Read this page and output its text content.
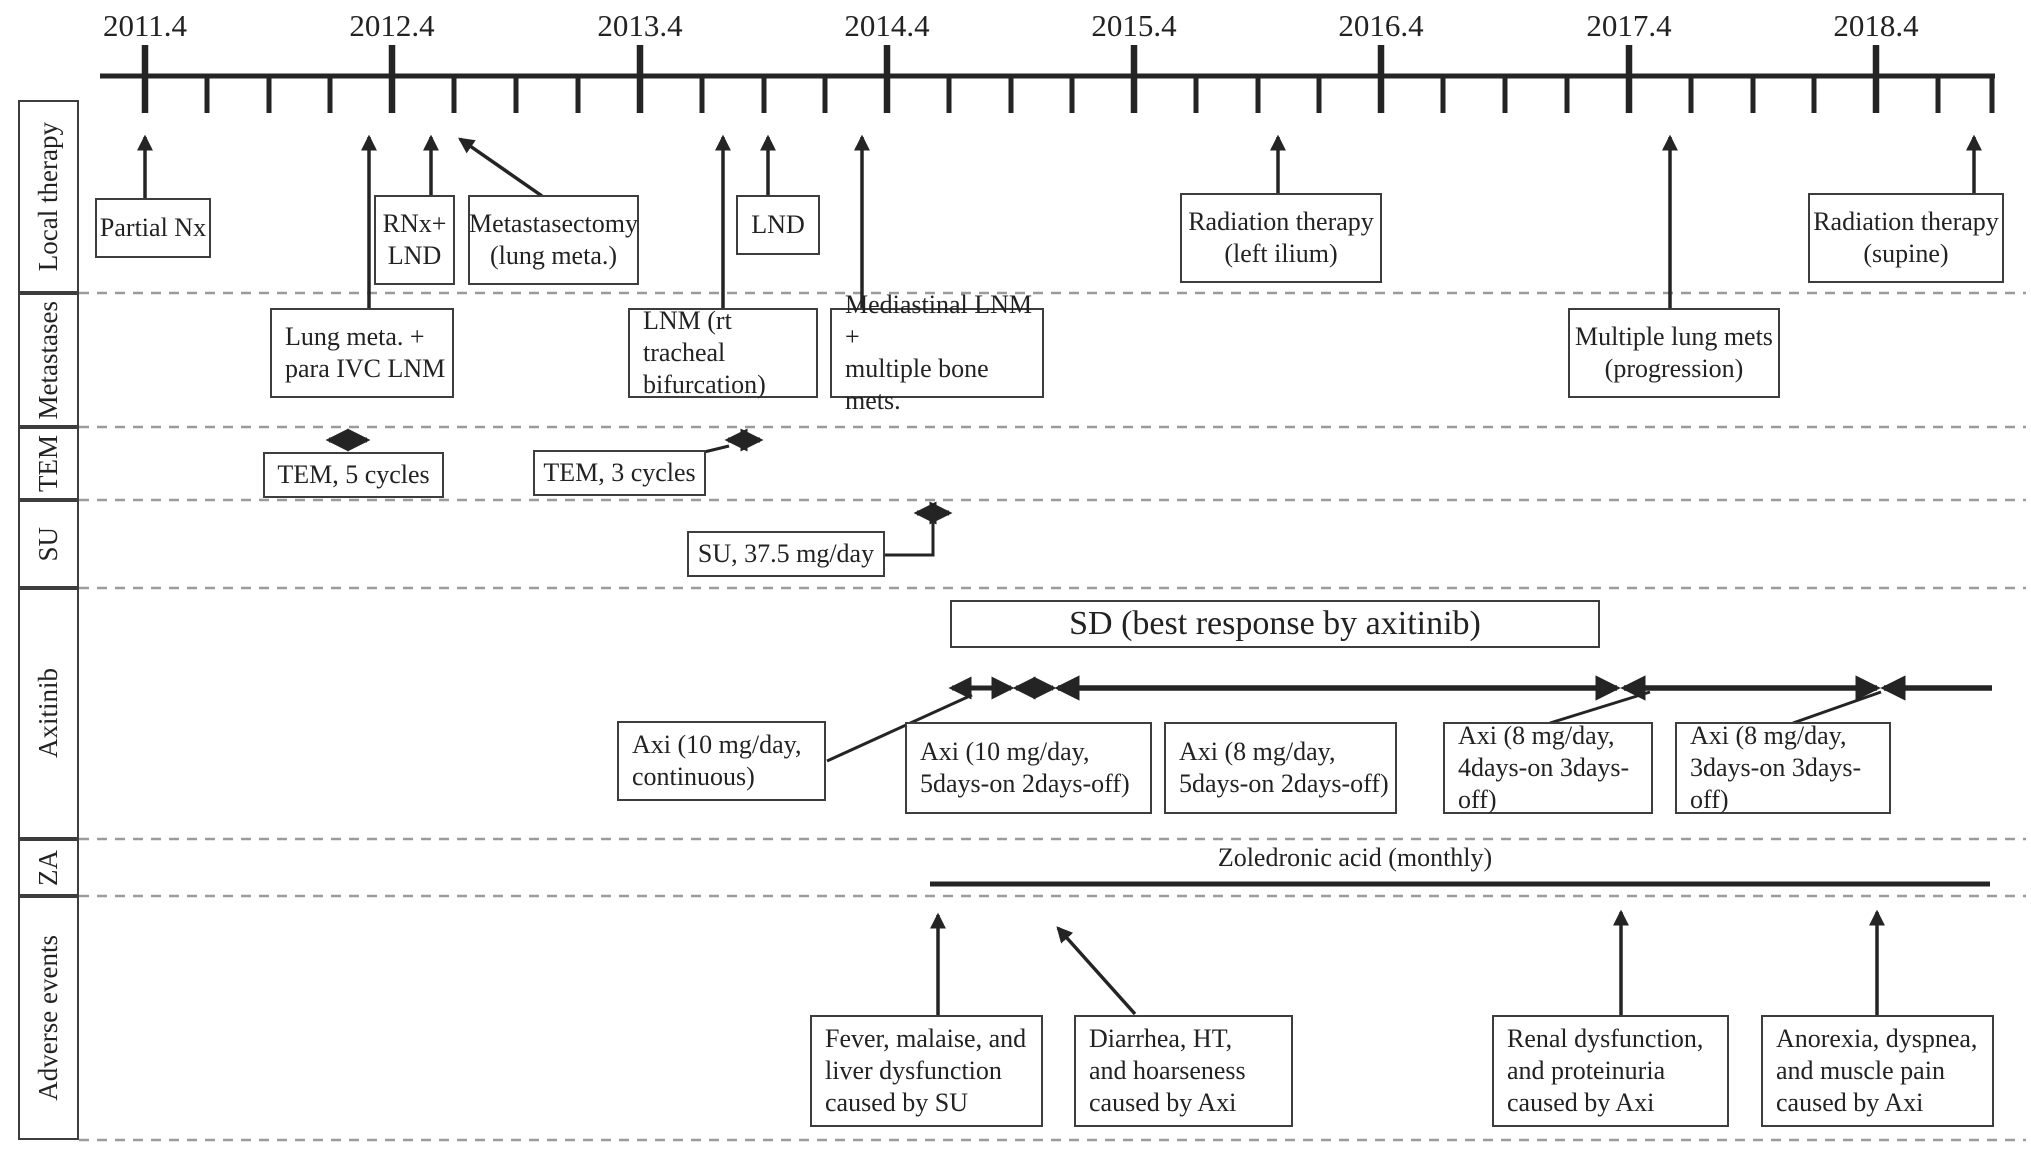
2011.4	2012.4	2013.4	2014.4	2015.4	2016.4	2017.4	2018.4
Local therapy
Metastases
TEM
SU
Axitinib
ZA
Adverse events
Partial Nx	RNx+
LND
Metastasectomy
(lung meta.)
LND	Radiation therapy
(left ilium)
Radiation therapy
(supine)
Lung meta. +
para IVC LNM
LNM (rt tracheal
bifurcation)
Mediastinal LNM +
multiple bone mets.
Multiple lung mets
(progression)
TEM, 5 cycles	TEM, 3 cycles
SU, 37.5 mg/day
SD (best response by axitinib)
Axi (10 mg/day,
continuous)
Axi (10 mg/day,
5days-on 2days-off)
Axi (8 mg/day,
5days-on 2days-off)
Axi (8 mg/day,
4days-on 3days-off)
Axi (8 mg/day,
3days-on 3days-off)
Fever, malaise, and
liver dysfunction
caused by SU
Diarrhea, HT,
and hoarseness
caused by Axi
Renal dysfunction,
and proteinuria
caused by Axi
Anorexia, dyspnea,
and muscle pain
caused by Axi
Zoledronic acid (monthly)
